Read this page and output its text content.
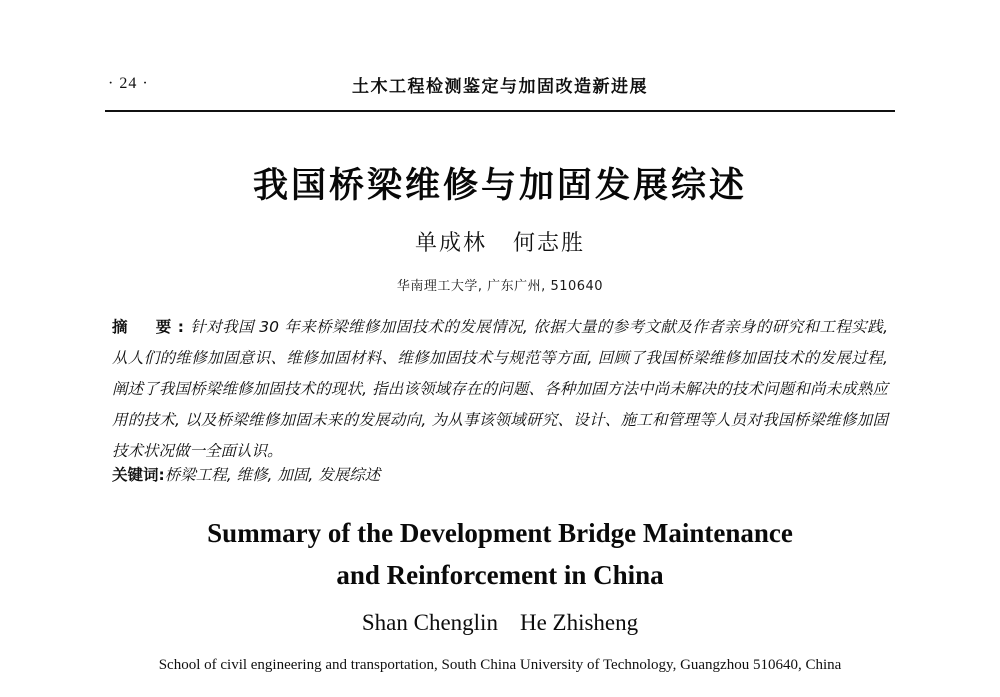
· 24 ·	土木工程检测鉴定与加固改造新进展
我国桥梁维修与加固发展综述
单成林 何志胜
华南理工大学, 广东广州, 510640
摘　要:针对我国 30 年来桥梁维修加固技术的发展情况, 依据大量的参考文献及作者亲身的研究和工程实践, 从人们的维修加固意识、维修加固材料、维修加固技术与规范等方面, 回顾了我国桥梁维修加固技术的发展过程, 阐述了我国桥梁维修加固技术的现状, 指出该领域存在的问题、各种加固方法中尚未解决的技术问题和尚未成熟应用的技术, 以及桥梁维修加固未来的发展动向, 为从事该领域研究、设计、施工和管理等人员对我国桥梁维修加固技术状况做一全面认识。
关键词:桥梁工程, 维修, 加固, 发展综述
Summary of the Development Bridge Maintenance
and Reinforcement in China
Shan Chenglin He Zhisheng
School of civil engineering and transportation, South China University of Technology, Guangzhou 510640, China
